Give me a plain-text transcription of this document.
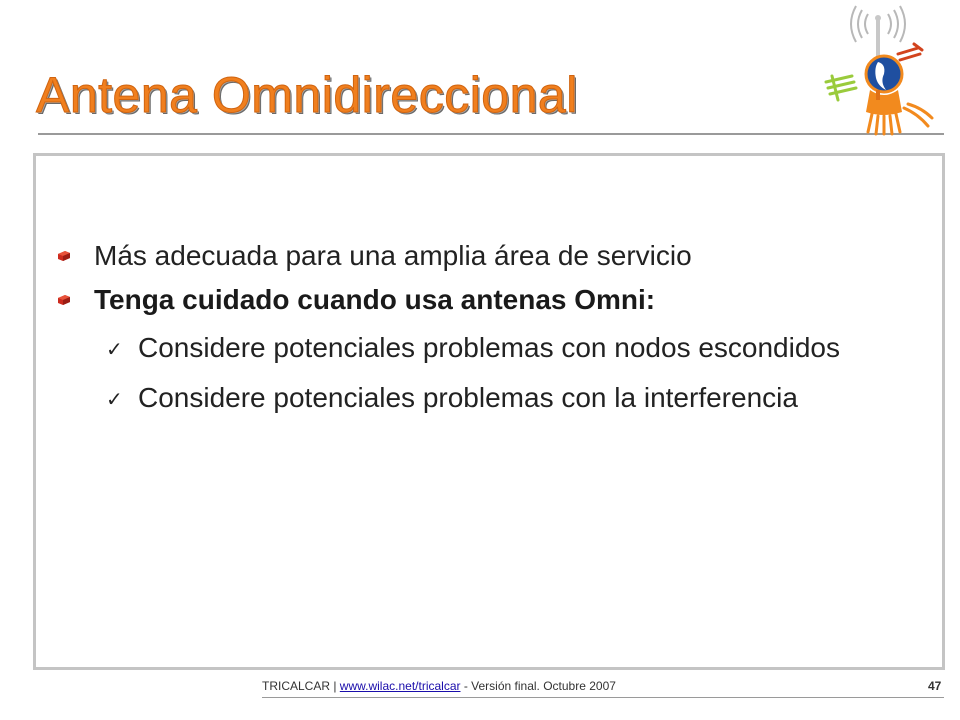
Antena Omnidireccional
Más adecuada para una amplia área de servicio
Tenga cuidado cuando usa antenas Omni:
✓ Considere potenciales problemas con nodos escondidos
✓ Considere potenciales problemas con la interferencia
TRICALCAR | www.wilac.net/tricalcar - Versión final. Octubre 2007	47
